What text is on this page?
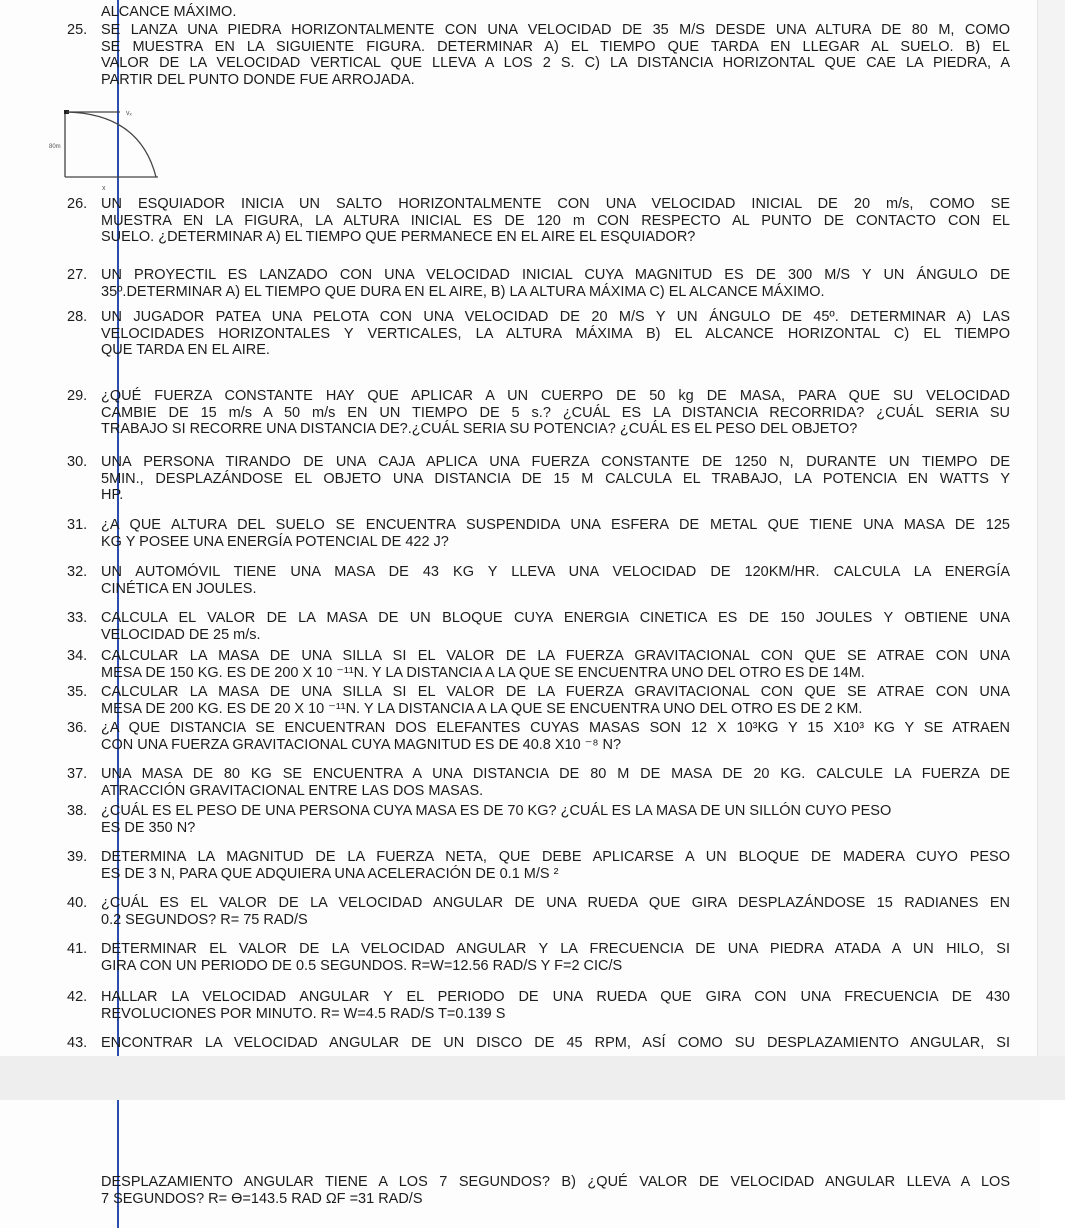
ALCANCE MÁXIMO.
25. SE LANZA UNA PIEDRA HORIZONTALMENTE CON UNA VELOCIDAD DE 35 M/S DESDE UNA ALTURA DE 80 M, COMO
SE MUESTRA EN LA SIGUIENTE FIGURA. DETERMINAR A) EL TIEMPO QUE TARDA EN LLEGAR AL SUELO. B) EL
VALOR DE LA VELOCIDAD VERTICAL QUE LLEVA A LOS 2 S. C) LA DISTANCIA HORIZONTAL QUE CAE LA PIEDRA, A
PARTIR DEL PUNTO DONDE FUE ARROJADA.
vₓ
80m
x
26. UN ESQUIADOR INICIA UN SALTO HORIZONTALMENTE CON UNA VELOCIDAD INICIAL DE 20 m/s, COMO SE
MUESTRA EN LA FIGURA, LA ALTURA INICIAL ES DE 120 m CON RESPECTO AL PUNTO DE CONTACTO CON EL
SUELO. ¿DETERMINAR A) EL TIEMPO QUE PERMANECE EN EL AIRE EL ESQUIADOR?
27. UN PROYECTIL ES LANZADO CON UNA VELOCIDAD INICIAL CUYA MAGNITUD ES DE 300 M/S Y UN ÁNGULO DE
35º.DETERMINAR A) EL TIEMPO QUE DURA EN EL AIRE, B) LA ALTURA MÁXIMA C) EL ALCANCE MÁXIMO.
28. UN JUGADOR PATEA UNA PELOTA CON UNA VELOCIDAD DE 20 M/S Y UN ÁNGULO DE 45º. DETERMINAR A) LAS
VELOCIDADES HORIZONTALES Y VERTICALES, LA ALTURA MÁXIMA B) EL ALCANCE HORIZONTAL C) EL TIEMPO
QUE TARDA EN EL AIRE.
29. ¿QUÉ FUERZA CONSTANTE HAY QUE APLICAR A UN CUERPO DE 50 kg DE MASA, PARA QUE SU VELOCIDAD
CAMBIE DE 15 m/s A 50 m/s EN UN TIEMPO DE 5 s.? ¿CUÁL ES LA DISTANCIA RECORRIDA? ¿CUÁL SERIA SU
TRABAJO SI RECORRE UNA DISTANCIA DE?.¿CUÁL SERIA SU POTENCIA? ¿CUÁL ES EL PESO DEL OBJETO?
30. UNA PERSONA TIRANDO DE UNA CAJA APLICA UNA FUERZA CONSTANTE DE 1250 N, DURANTE UN TIEMPO DE
5MIN., DESPLAZÁNDOSE EL OBJETO UNA DISTANCIA DE 15 M CALCULA EL TRABAJO, LA POTENCIA EN WATTS Y
HP.
31. ¿A QUE ALTURA DEL SUELO SE ENCUENTRA SUSPENDIDA UNA ESFERA DE METAL QUE TIENE UNA MASA DE 125
KG Y POSEE UNA ENERGÍA POTENCIAL DE 422 J?
32. UN AUTOMÓVIL TIENE UNA MASA DE 43 KG Y LLEVA UNA VELOCIDAD DE 120KM/HR. CALCULA LA ENERGÍA
CINÉTICA EN JOULES.
33. CALCULA EL VALOR DE LA MASA DE UN BLOQUE CUYA ENERGIA CINETICA ES DE 150 JOULES Y OBTIENE UNA
VELOCIDAD DE 25 m/s.
34. CALCULAR LA MASA DE UNA SILLA SI EL VALOR DE LA FUERZA GRAVITACIONAL CON QUE SE ATRAE CON UNA
MESA DE 150 KG. ES DE 200 X 10 ⁻¹¹N. Y LA DISTANCIA A LA QUE SE ENCUENTRA UNO DEL OTRO ES DE 14M.
35. CALCULAR LA MASA DE UNA SILLA SI EL VALOR DE LA FUERZA GRAVITACIONAL CON QUE SE ATRAE CON UNA
MESA DE 200 KG. ES DE 20 X 10 ⁻¹¹N. Y LA DISTANCIA A LA QUE SE ENCUENTRA UNO DEL OTRO ES DE 2 KM.
36. ¿A QUE DISTANCIA SE ENCUENTRAN DOS ELEFANTES CUYAS MASAS SON 12 X 10³KG Y 15 X10³ KG Y SE ATRAEN
CON UNA FUERZA GRAVITACIONAL CUYA MAGNITUD ES DE 40.8 X10 ⁻⁸ N?
37. UNA MASA DE 80 KG SE ENCUENTRA A UNA DISTANCIA DE 80 M DE MASA DE 20 KG. CALCULE LA FUERZA DE
ATRACCIÓN GRAVITACIONAL ENTRE LAS DOS MASAS.
38. ¿CUÁL ES EL PESO DE UNA PERSONA CUYA MASA ES DE 70 KG? ¿CUÁL ES LA MASA DE UN SILLÓN CUYO PESO
ES DE 350 N?
39. DETERMINA LA MAGNITUD DE LA FUERZA NETA, QUE DEBE APLICARSE A UN BLOQUE DE MADERA CUYO PESO
ES DE 3 N, PARA QUE ADQUIERA UNA ACELERACIÓN DE 0.1 M/S ²
40. ¿CUÁL ES EL VALOR DE LA VELOCIDAD ANGULAR DE UNA RUEDA QUE GIRA DESPLAZÁNDOSE 15 RADIANES EN
0.2 SEGUNDOS? R= 75 RAD/S
41. DETERMINAR EL VALOR DE LA VELOCIDAD ANGULAR Y LA FRECUENCIA DE UNA PIEDRA ATADA A UN HILO, SI
GIRA CON UN PERIODO DE 0.5 SEGUNDOS. R=W=12.56 RAD/S Y F=2 CIC/S
42. HALLAR LA VELOCIDAD ANGULAR Y EL PERIODO DE UNA RUEDA QUE GIRA CON UNA FRECUENCIA DE 430
REVOLUCIONES POR MINUTO. R= W=4.5 RAD/S T=0.139 S
43. ENCONTRAR LA VELOCIDAD ANGULAR DE UN DISCO DE 45 RPM, ASÍ COMO SU DESPLAZAMIENTO ANGULAR, SI
DESPLAZAMIENTO ANGULAR TIENE A LOS 7 SEGUNDOS? B) ¿QUÉ VALOR DE VELOCIDAD ANGULAR LLEVA A LOS
7 SEGUNDOS? R= ϴ=143.5 RAD ΩF =31 RAD/S
